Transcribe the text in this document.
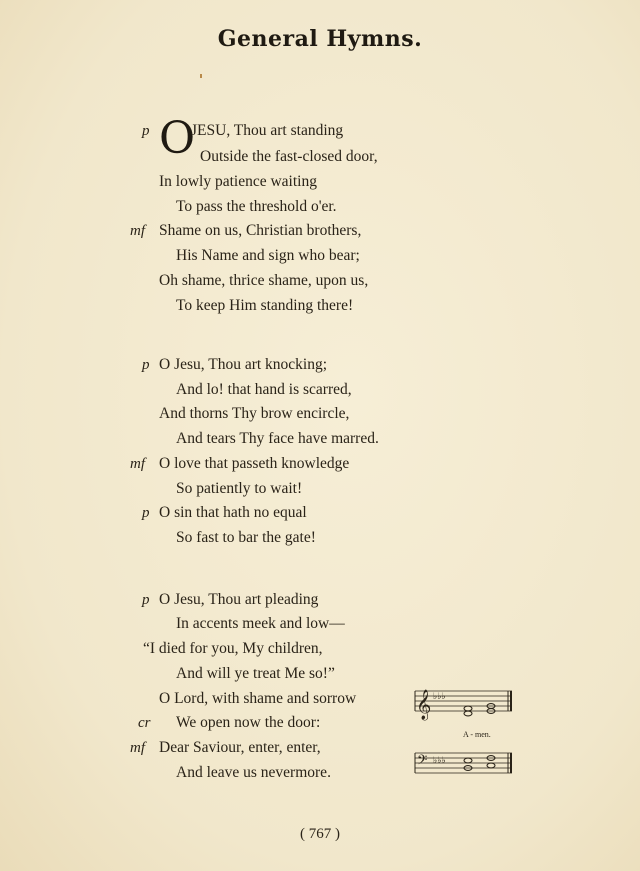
General Hymns.
O
p	JESU, Thou art standing
Outside the fast-closed door,
In lowly patience waiting
To pass the threshold o'er.
mf Shame on us, Christian brothers,
His Name and sign who bear;
Oh shame, thrice shame, upon us,
To keep Him standing there!
p O Jesu, Thou art knocking;
And lo! that hand is scarred,
And thorns Thy brow encircle,
And tears Thy face have marred.
mf O love that passeth knowledge
So patiently to wait!
p O sin that hath no equal
So fast to bar the gate!
p O Jesu, Thou art pleading
In accents meek and low—
“I died for you, My children,
And will ye treat Me so!”
O Lord, with shame and sorrow
cr We open now the door:
mf Dear Saviour, enter, enter,
And leave us nevermore.
𝄞 ♭♭♭
A - men.
𝄢 ♭♭♭
( 767 )
